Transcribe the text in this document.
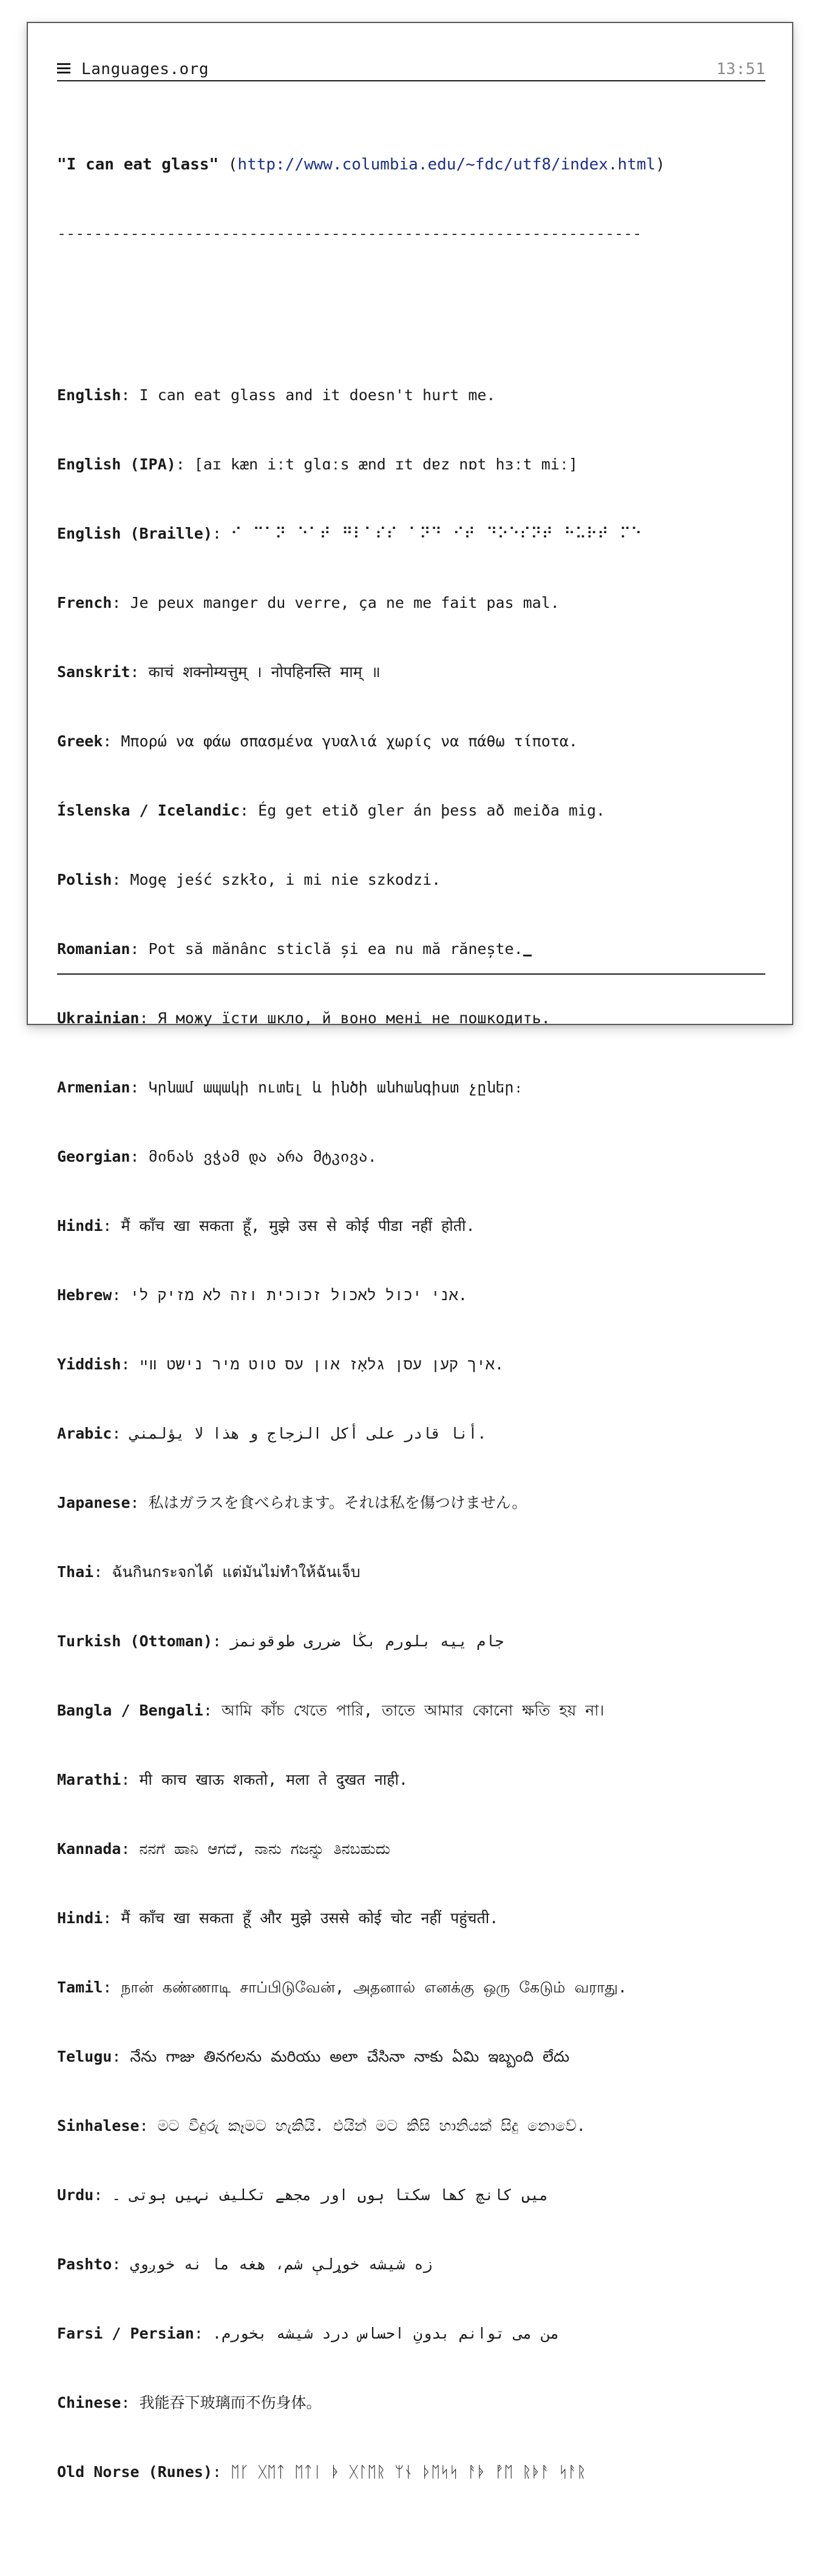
Languages.org	13:51

"I can eat glass" (http://www.columbia.edu/~fdc/utf8/index.html)

----------------------------------------------------------------

English: I can eat glass and it doesn't hurt me.

English (IPA): [aɪ kæn iːt glɑːs ænd ɪt dɐz nɒt hɜːt miː]

English (Braille): ⠊⠀⠉⠁⠝⠀⠑⠁⠞⠀⠛⠇⠁⠎⠎⠀⠁⠝⠙⠀⠊⠞⠀⠙⠕⠑⠎⠝⠞⠀⠓⠥⠗⠞⠀⠍⠑

French: Je peux manger du verre, ça ne me fait pas mal.

Sanskrit: काचं शक्नोम्यत्तुम् । नोपहिनस्ति माम् ॥

Greek: Μπορώ να φάω σπασμένα γυαλιά χωρίς να πάθω τίποτα.

Íslenska / Icelandic: Ég get etið gler án þess að meiða mig.

Polish: Mogę jeść szkło, i mi nie szkodzi.

Romanian: Pot să mănânc sticlă și ea nu mă rănește.

Ukrainian: Я можу їсти шкло, й воно мені не пошкодить.

Armenian: Կրնամ ապակի ուտել և ինծի անհանգիստ չըներ։

Georgian: მინას ვჭამ და არა მტკივა.

Hindi: मैं काँच खा सकता हूँ, मुझे उस से कोई पीडा नहीं होती.

Hebrew: אני יכול לאכול זכוכית וזה לא מזיק לי.

Yiddish: איך קען עסן גלאָז און עס טוט מיר נישט װײ.

Arabic: أنا قادر على أكل الزجاج و هذا لا يؤلمني.

Japanese: 私はガラスを食べられます。それは私を傷つけません。

Thai: ฉันกินกระจกได้ แต่มันไม่ทำให้ฉันเจ็บ

Turkish (Ottoman): جام ييه بلورم بڭا ضررى طوقونمز

Bangla / Bengali: আমি কাঁচ খেতে পারি, তাতে আমার কোনো ক্ষতি হয় না।

Marathi: मी काच खाऊ शकतो, मला ते दुखत नाही.

Kannada: ನನಗೆ ಹಾನಿ ಆಗದೆ, ನಾನು ಗಜನ್ನು ತಿನಬಹುದು

Hindi: मैं काँच खा सकता हूँ और मुझे उससे कोई चोट नहीं पहुंचती.

Tamil: நான் கண்ணாடி சாப்பிடுவேன், அதனால் எனக்கு ஒரு கேடும் வராது.

Telugu: నేను గాజు తినగలను మరియు అలా చేసినా నాకు ఏమి ఇబ్బంది లేదు

Sinhalese: මට වීදුරු කෑමට හැකියි. එයින් මට කිසි හානියක් සිදු නොවේ.

Urdu: میں کانچ کھا سکتا ہوں اور مجھے تکلیف نہیں ہوتی ۔

Pashto: زه شيشه خوړلې شم، هغه ما نه خوږوي

Farsi / Persian: .من می توانم بدونِ احساس درد شيشه بخورم

Chinese: 我能吞下玻璃而不伤身体。

Old Norse (Runes): ᛖᚴ ᚷᛖᛏ ᛖᛏᛁ ᚧ ᚷᛚᛖᚱ ᛘᚾ ᚦᛖᛋᛋ ᚨᚧ ᚡᛖ ᚱᚧᚨ ᛋᚨᚱ
